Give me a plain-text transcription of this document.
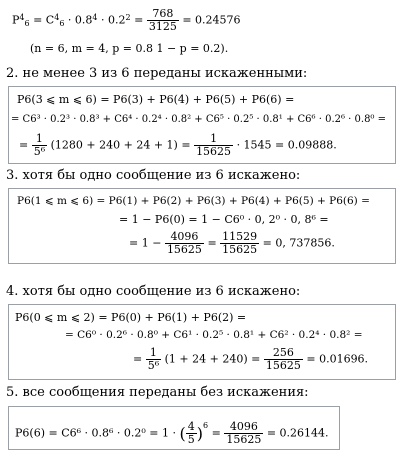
$P^4_6 = C^4_6 \cdot 0.8^4 \cdot 0.2^2 = \frac{768}{3125} = 0.24576$
(n = 6, m = 4, p = 0.8 1 − p = 0.2).
2. не менее 3 из 6 переданы искаженными:
P6(3 ⩽ m ⩽ 6) = P6(3) + P6(4) + P6(5) + P6(6) =
= C6³ · 0.2³ · 0.8³ + C6⁴ · 0.2⁴ · 0.8² + C6⁵ · 0.2⁵ · 0.8¹ + C6⁶ · 0.2⁶ · 0.8⁰ =
= $\frac{1}{\text{5⁶}} (1280 + 240 + 24 + 1) = \frac{1}{15625} \cdot 1545 = 0.09888$.
3. хотя бы одно сообщение из 6 искажено:
P6(1 ⩽ m ⩽ 6) = P6(1) + P6(2) + P6(3) + P6(4) + P6(5) + P6(6) =
= 1 − P6(0) = 1 − C6⁰ · 0, 2⁰ · 0, 8⁶ =
= $1 - \frac{4096}{15625} = \frac{11529}{15625} = 0$, 737856.
4. хотя бы одно сообщение из 6 искажено:
P6(0 ⩽ m ⩽ 2) = P6(0) + P6(1) + P6(2) =
= C6⁰ · 0.2⁶ · 0.8⁰ + C6¹ · 0.2⁵ · 0.8¹ + C6² · 0.2⁴ · 0.8² =
= $\frac{1}{\text{5⁶}} (1 + 24 + 240) = \frac{256}{15625} = 0.01696$.
5. все сообщения переданы без искажения:
P6(6) = C6⁶ · 0.8⁶ · 0.2⁰ = 1 · ( $\frac{4}{5} )^6 = \frac{4096}{15625} = 0.26144$.
